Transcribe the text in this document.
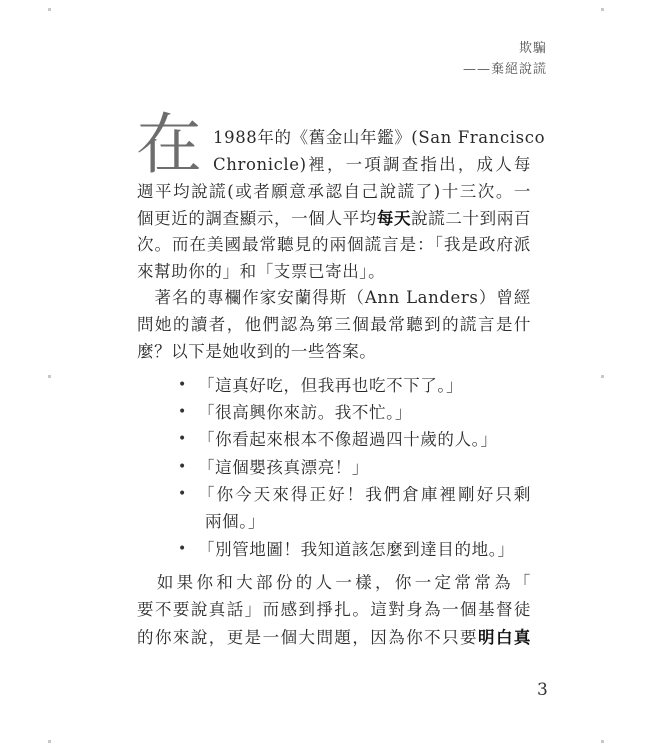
欺騙
——棄絕說謊
在 1988年的《舊金山年鑑》(San Francisco
Chronicle)裡，一項調查指出，成人每
週平均說謊(或者願意承認自己說謊了)十三次。一
個更近的調查顯示，一個人平均每天說謊二十到兩百
次。而在美國最常聽見的兩個謊言是：「我是政府派
來幫助你的」和「支票已寄出」。
　著名的專欄作家安蘭得斯（Ann Landers）曾經
問她的讀者，他們認為第三個最常聽到的謊言是什
麼？以下是她收到的一些答案。
• 「這真好吃，但我再也吃不下了。」
• 「很高興你來訪。我不忙。」
• 「你看起來根本不像超過四十歲的人。」
• 「這個嬰孩真漂亮！」
• 「你今天來得正好！我們倉庫裡剛好只剩
兩個。」
• 「別管地圖！我知道該怎麼到達目的地。」
　如果你和大部份的人一樣，你一定常常為「
要不要說真話」而感到掙扎。這對身為一個基督徒
的你來說，更是一個大問題，因為你不只要明白真
3
